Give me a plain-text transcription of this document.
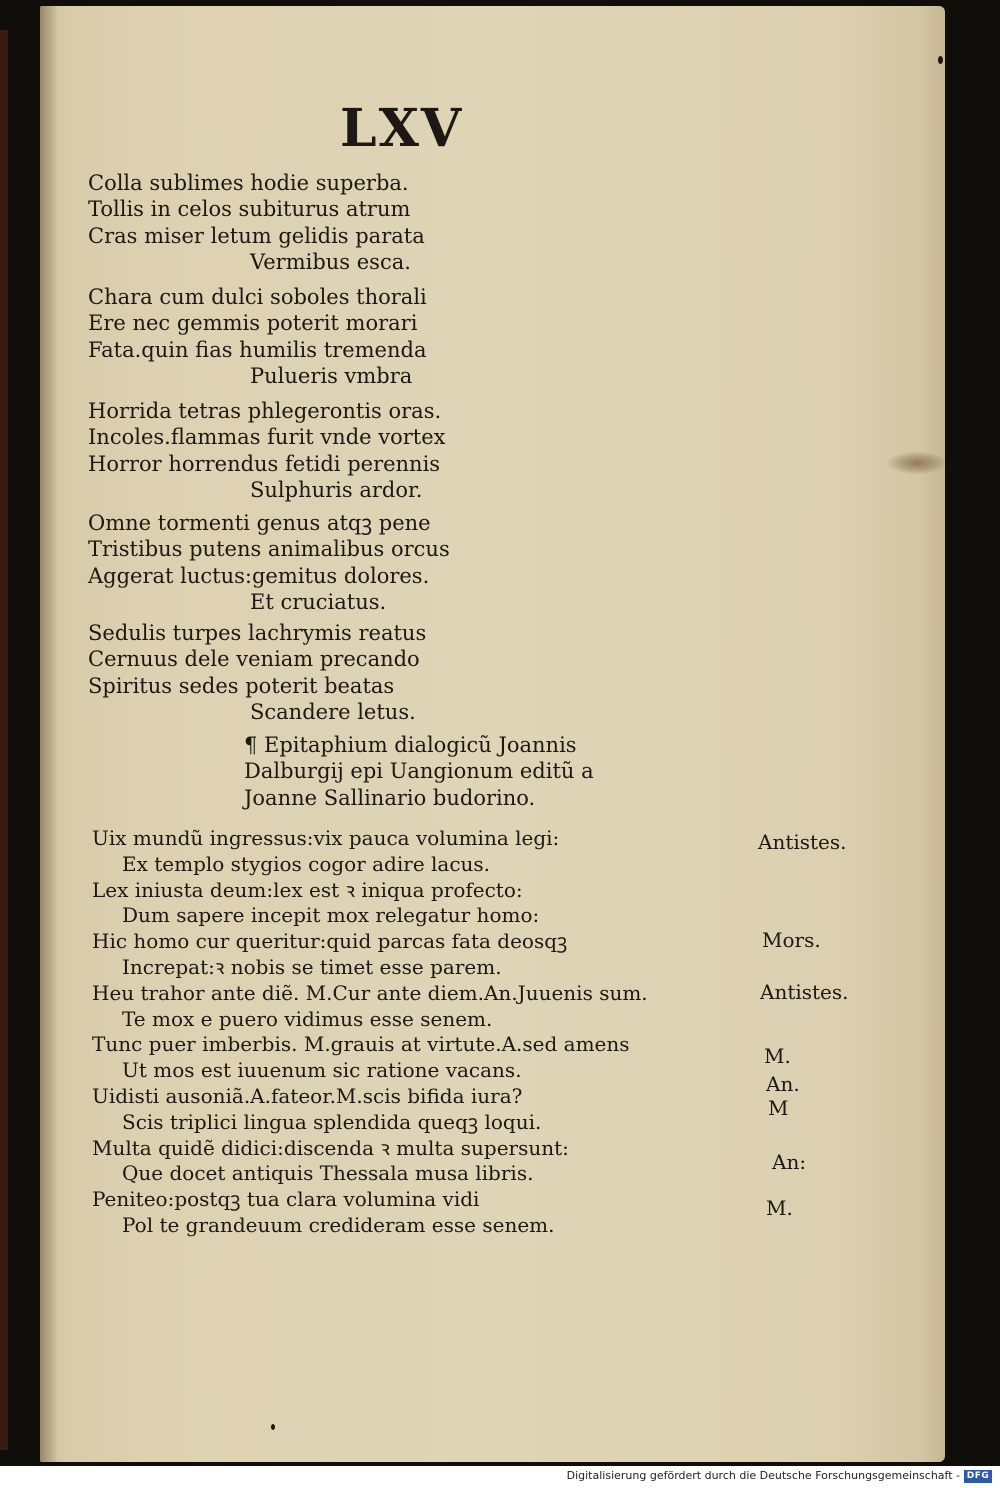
LXV
Colla sublimes hodie superba.
Tollis in celos subiturus atrum
Cras miser letum gelidis parata
Vermibus esca.
Chara cum dulci soboles thorali
Ere nec gemmis poterit morari
Fata.quin fias humilis tremenda
Pulueris vmbra
Horrida tetras phlegerontis oras.
Incoles.flammas furit vnde vortex
Horror horrendus fetidi perennis
Sulphuris ardor.
Omne tormenti genus atqꝫ pene
Tristibus putens animalibus orcus
Aggerat luctus:gemitus dolores.
Et cruciatus.
Sedulis turpes lachrymis reatus
Cernuus dele veniam precando
Spiritus sedes poterit beatas
Scandere letus.
¶ Epitaphium dialogicũ Joannis
Dalburgij epi Uangionum editũ a
Joanne Sallinario budorino.
Uix mundũ ingressus:vix pauca volumina legi:
Ex templo stygios cogor adire lacus.
Lex iniusta deum:lex est ꝛ iniqua profecto:
Dum sapere incepit mox relegatur homo:
Hic homo cur queritur:quid parcas fata deosqꝫ
Increpat:ꝛ nobis se timet esse parem.
Heu trahor ante diẽ. M.Cur ante diem.An.Juuenis sum.
Te mox e puero vidimus esse senem.
Tunc puer imberbis. M.grauis at virtute.A.sed amens
Ut mos est iuuenum sic ratione vacans.
Uidisti ausoniã.A.fateor.M.scis bifida iura?
Scis triplici lingua splendida queqꝫ loqui.
Multa quidẽ didici:discenda ꝛ multa supersunt:
Que docet antiquis Thessala musa libris.
Peniteo:postqꝫ tua clara volumina vidi
Pol te grandeuum credideram esse senem.
Antistes.
Mors.
Antistes.
M.
An.
M
An:
M.
Digitalisierung gefördert durch die Deutsche Forschungsgemeinschaft - DFG
